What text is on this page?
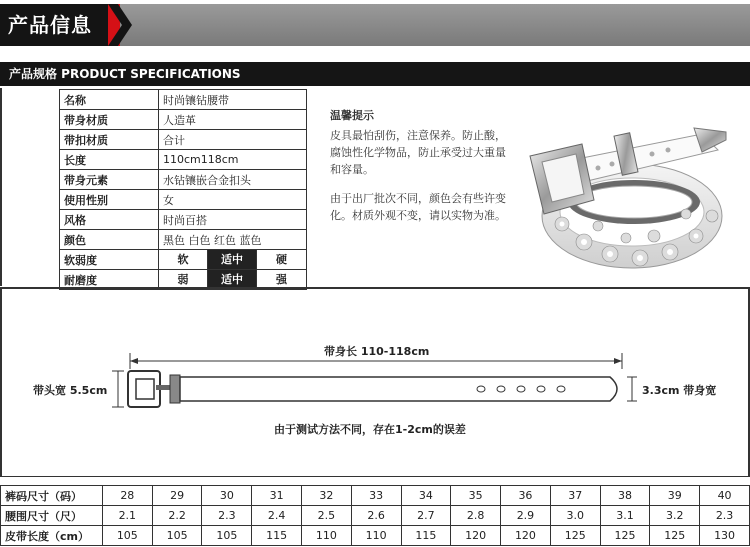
产品信息
产品规格 PRODUCT SPECIFICATIONS
名称	时尚镶钻腰带
带身材质	人造革
带扣材质	合计
长度	110cm118cm
带身元素	水钻镶嵌合金扣头
使用性别	女
风格	时尚百搭
颜色	黑色 白色 红色 蓝色
软弱度	软 适中 硬
耐磨度	弱 适中 强
温馨提示

皮具最怕刮伤，注意保养。防止酸，腐蚀性化学物品，防止承受过大重量和容量。

由于出厂批次不同，颜色会有些许变化。材质外观不变，请以实物为准。

带身长 110-118cm
带头宽 5.5cm	3.3cm 带身宽
由于测试方法不同，存在1-2cm的误差
裤码尺寸（码）	28	29	30	31	32	33	34	35	36	37	38	39	40
腰围尺寸（尺）	2.1	2.2	2.3	2.4	2.5	2.6	2.7	2.8	2.9	3.0	3.1	3.2	2.3
皮带长度（cm）	105	105	105	115	110	110	115	120	120	125	125	125	130
